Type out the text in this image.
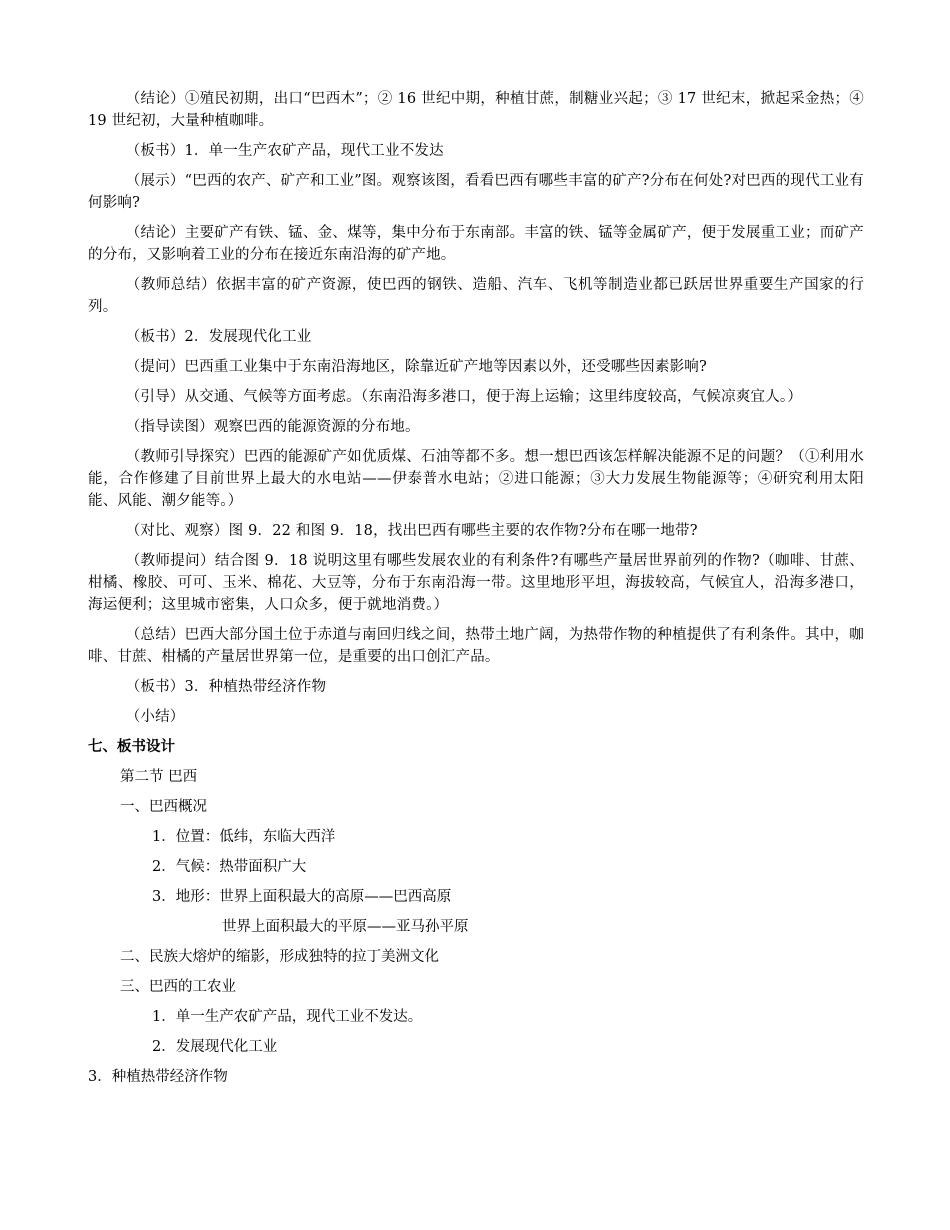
（结论）①殖民初期，出口“巴西木”；② 16 世纪中期，种植甘蔗，制糖业兴起；③ 17 世纪末，掀起采金热；④ 19 世纪初，大量种植咖啡。

（板书）1．单一生产农矿产品，现代工业不发达

（展示）“巴西的农产、矿产和工业”图。观察该图，看看巴西有哪些丰富的矿产?分布在何处?对巴西的现代工业有何影响?

（结论）主要矿产有铁、锰、金、煤等，集中分布于东南部。丰富的铁、锰等金属矿产，便于发展重工业；而矿产的分布，又影响着工业的分布在接近东南沿海的矿产地。

（教师总结）依据丰富的矿产资源，使巴西的钢铁、造船、汽车、飞机等制造业都已跃居世界重要生产国家的行列。

（板书）2．发展现代化工业

（提问）巴西重工业集中于东南沿海地区，除靠近矿产地等因素以外，还受哪些因素影响?

（引导）从交通、气候等方面考虑。（东南沿海多港口，便于海上运输；这里纬度较高，气候凉爽宜人。）

（指导读图）观察巴西的能源资源的分布地。

（教师引导探究）巴西的能源矿产如优质煤、石油等都不多。想一想巴西该怎样解决能源不足的问题？（①利用水能，合作修建了目前世界上最大的水电站——伊泰普水电站；②进口能源；③大力发展生物能源等；④研究利用太阳能、风能、潮夕能等。）

（对比、观察）图 9．22 和图 9．18，找出巴西有哪些主要的农作物?分布在哪一地带?

（教师提问）结合图 9．18 说明这里有哪些发展农业的有利条件?有哪些产量居世界前列的作物?（咖啡、甘蔗、柑橘、橡胶、可可、玉米、棉花、大豆等，分布于东南沿海一带。这里地形平坦，海拔较高，气候宜人，沿海多港口，海运便利；这里城市密集，人口众多，便于就地消费。）

（总结）巴西大部分国土位于赤道与南回归线之间，热带土地广阔，为热带作物的种植提供了有利条件。其中，咖啡、甘蔗、柑橘的产量居世界第一位，是重要的出口创汇产品。

（板书）3．种植热带经济作物

（小结）

七、板书设计
第二节 巴西
一、巴西概况
1．位置：低纬，东临大西洋
2．气候：热带面积广大
3．地形：世界上面积最大的高原——巴西高原
世界上面积最大的平原——亚马孙平原
二、民族大熔炉的缩影，形成独特的拉丁美洲文化
三、巴西的工农业
1．单一生产农矿产品，现代工业不发达。
2．发展现代化工业
3．种植热带经济作物
